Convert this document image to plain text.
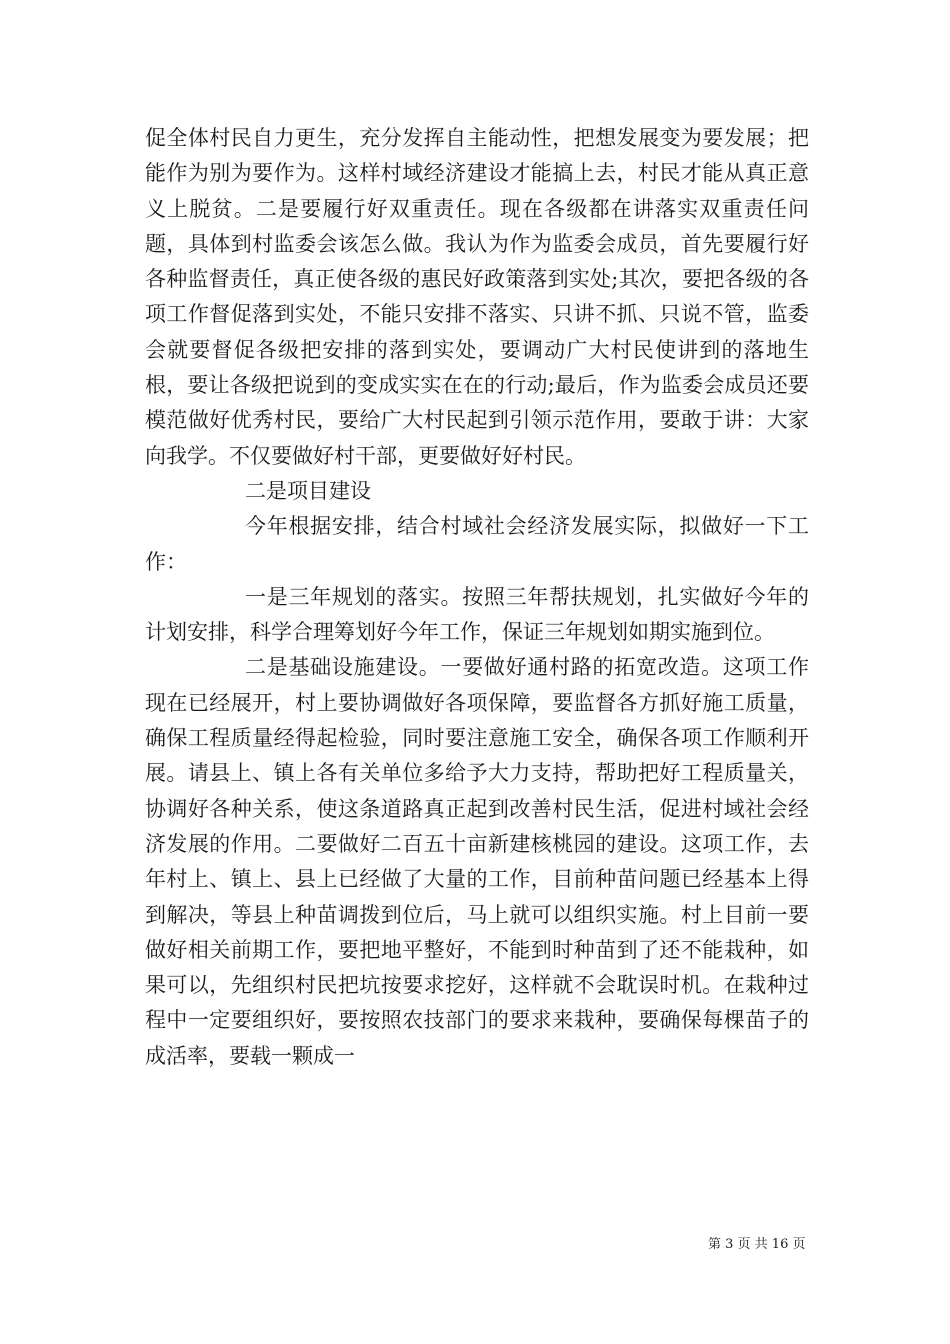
促全体村民自力更生，充分发挥自主能动性，把想发展变为要发展；把能作为别为要作为。这样村域经济建设才能搞上去，村民才能从真正意义上脱贫。二是要履行好双重责任。现在各级都在讲落实双重责任问题，具体到村监委会该怎么做。我认为作为监委会成员，首先要履行好各种监督责任，真正使各级的惠民好政策落到实处;其次，要把各级的各项工作督促落到实处，不能只安排不落实、只讲不抓、只说不管，监委会就要督促各级把安排的落到实处，要调动广大村民使讲到的落地生根，要让各级把说到的变成实实在在的行动;最后，作为监委会成员还要模范做好优秀村民，要给广大村民起到引领示范作用，要敢于讲：大家向我学。不仅要做好村干部，更要做好好村民。

二是项目建设

今年根据安排，结合村域社会经济发展实际，拟做好一下工作：

一是三年规划的落实。按照三年帮扶规划，扎实做好今年的计划安排，科学合理筹划好今年工作，保证三年规划如期实施到位。

二是基础设施建设。一要做好通村路的拓宽改造。这项工作现在已经展开，村上要协调做好各项保障，要监督各方抓好施工质量，确保工程质量经得起检验，同时要注意施工安全，确保各项工作顺利开展。请县上、镇上各有关单位多给予大力支持，帮助把好工程质量关，协调好各种关系，使这条道路真正起到改善村民生活，促进村域社会经济发展的作用。二要做好二百五十亩新建核桃园的建设。这项工作，去年村上、镇上、县上已经做了大量的工作，目前种苗问题已经基本上得到解决，等县上种苗调拨到位后，马上就可以组织实施。村上目前一要做好相关前期工作，要把地平整好，不能到时种苗到了还不能栽种，如果可以，先组织村民把坑按要求挖好，这样就不会耽误时机。在栽种过程中一定要组织好，要按照农技部门的要求来栽种，要确保每棵苗子的成活率，要载一颗成一

第 3 页 共 16 页
